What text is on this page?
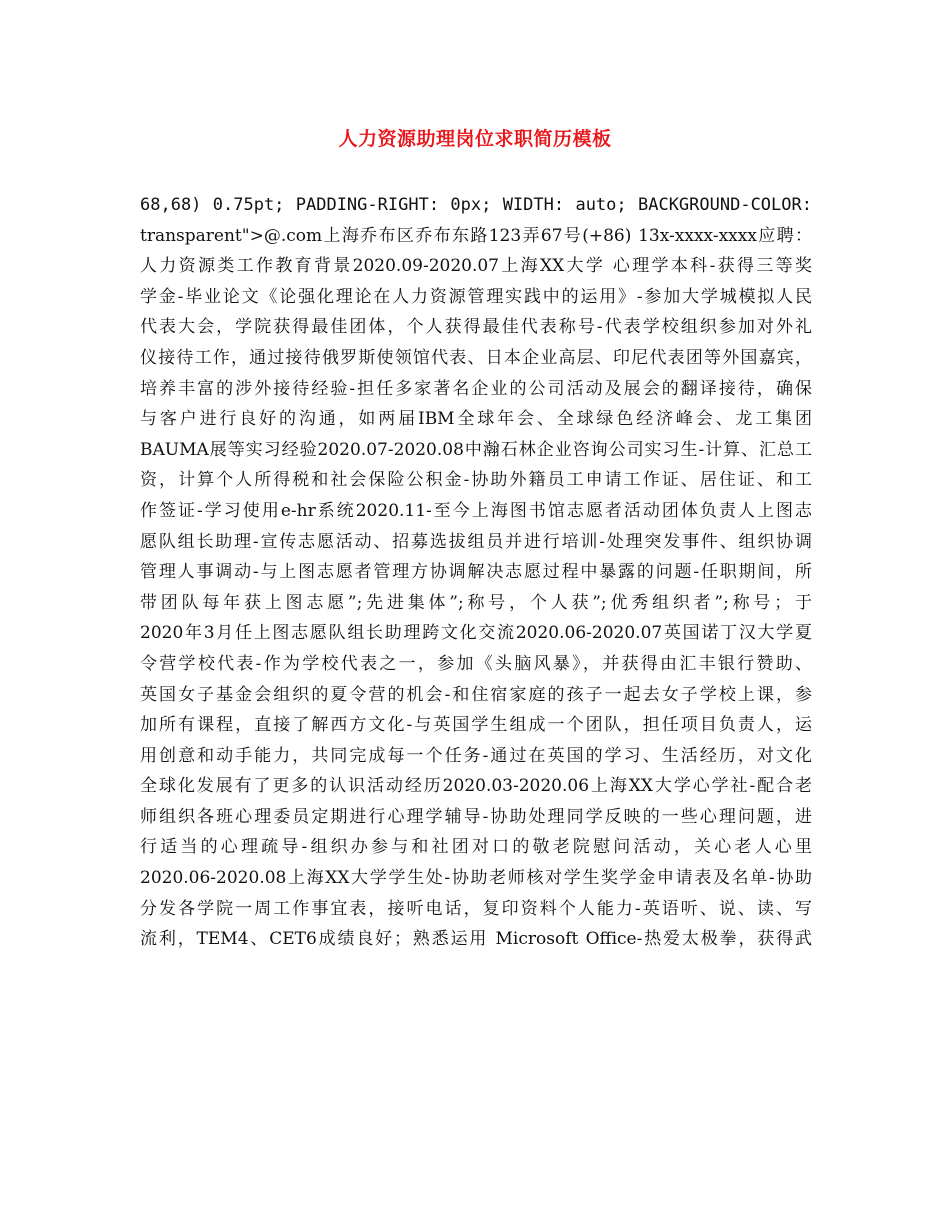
人力资源助理岗位求职简历模板
68,68) 0.75pt; PADDING-RIGHT: 0px; WIDTH: auto; BACKGROUND-COLOR:
transparent">@.com上海乔布区乔布东路123弄67号(+86) 13x-xxxx-xxxx应聘：
人力资源类工作教育背景2020.09-2020.07上海XX大学 心理学本科-获得三等奖
学金-毕业论文《论强化理论在人力资源管理实践中的运用》-参加大学城模拟人民
代表大会，学院获得最佳团体，个人获得最佳代表称号-代表学校组织参加对外礼
仪接待工作，通过接待俄罗斯使领馆代表、日本企业高层、印尼代表团等外国嘉宾，
培养丰富的涉外接待经验-担任多家著名企业的公司活动及展会的翻译接待，确保
与客户进行良好的沟通，如两届IBM全球年会、全球绿色经济峰会、龙工集团
BAUMA展等实习经验2020.07-2020.08中瀚石林企业咨询公司实习生-计算、汇总工
资，计算个人所得税和社会保险公积金-协助外籍员工申请工作证、居住证、和工
作签证-学习使用e-hr系统2020.11-至今上海图书馆志愿者活动团体负责人上图志
愿队组长助理-宣传志愿活动、招募选拔组员并进行培训-处理突发事件、组织协调
管理人事调动-与上图志愿者管理方协调解决志愿过程中暴露的问题-任职期间，所
带团队每年获上图志愿”;先进集体”;称号，个人获”;优秀组织者”;称号；于
2020年3月任上图志愿队组长助理跨文化交流2020.06-2020.07英国诺丁汉大学夏
令营学校代表-作为学校代表之一，参加《头脑风暴》，并获得由汇丰银行赞助、
英国女子基金会组织的夏令营的机会-和住宿家庭的孩子一起去女子学校上课，参
加所有课程，直接了解西方文化-与英国学生组成一个团队，担任项目负责人，运
用创意和动手能力，共同完成每一个任务-通过在英国的学习、生活经历，对文化
全球化发展有了更多的认识活动经历2020.03-2020.06上海XX大学心学社-配合老
师组织各班心理委员定期进行心理学辅导-协助处理同学反映的一些心理问题，进
行适当的心理疏导-组织办参与和社团对口的敬老院慰问活动，关心老人心里
2020.06-2020.08上海XX大学学生处-协助老师核对学生奖学金申请表及名单-协助
分发各学院一周工作事宜表，接听电话，复印资料个人能力-英语听、说、读、写
流利，TEM4、CET6成绩良好；熟悉运用 Microsoft Office-热爱太极拳，获得武
